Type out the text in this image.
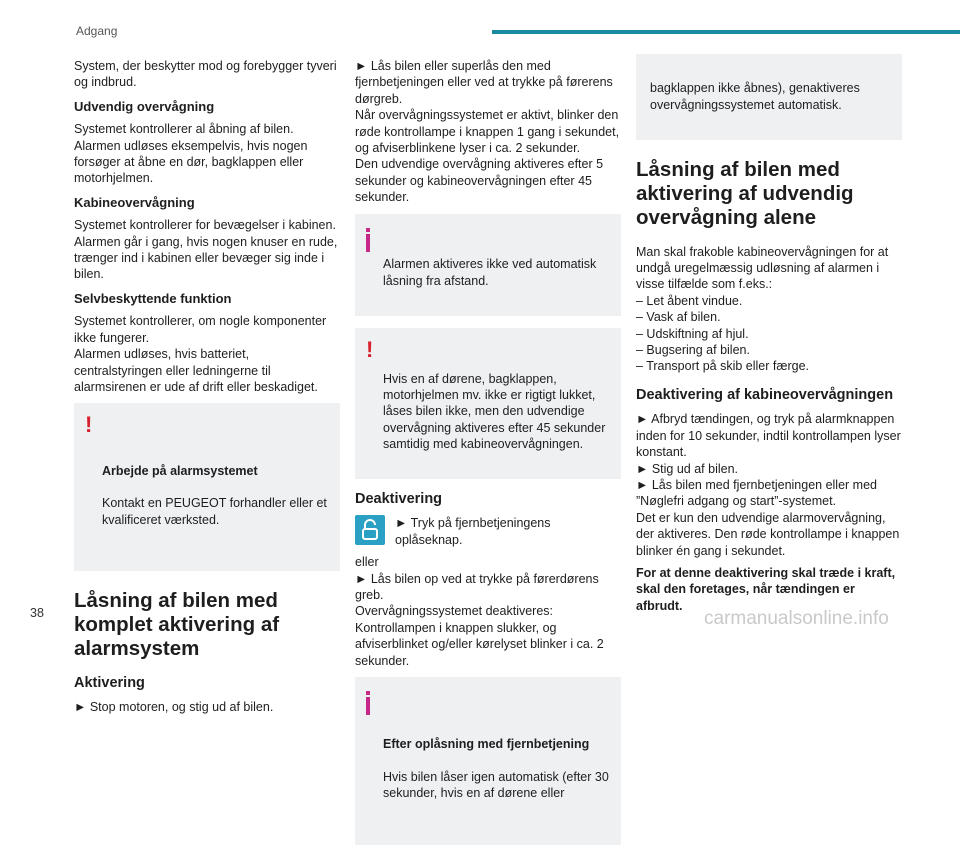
Adgang

System, der beskytter mod og forebygger tyveri og indbrud.

Udvendig overvågning

Systemet kontrollerer al åbning af bilen.
Alarmen udløses eksempelvis, hvis nogen forsøger at åbne en dør, bagklappen eller motorhjelmen.

Kabineovervågning

Systemet kontrollerer for bevægelser i kabinen.
Alarmen går i gang, hvis nogen knuser en rude, trænger ind i kabinen eller bevæger sig inde i bilen.

Selvbeskyttende funktion

Systemet kontrollerer, om nogle komponenter ikke fungerer.
Alarmen udløses, hvis batteriet, centralstyringen eller ledningerne til alarmsirenen er ude af drift eller beskadiget.

!

Arbejde på alarmsystemet

Kontakt en PEUGEOT forhandler eller et kvalificeret værksted.

Låsning af bilen med komplet aktivering af alarmsystem
Aktivering

► Stop motoren, og stig ud af bilen.

► Lås bilen eller superlås den med fjernbetjeningen eller ved at trykke på førerens dørgreb.
Når overvågningssystemet er aktivt, blinker den røde kontrollampe i knappen 1 gang i sekundet, og afviserblinkene lyser i ca. 2 sekunder.
Den udvendige overvågning aktiveres efter 5 sekunder og kabineovervågningen efter 45 sekunder.

Alarmen aktiveres ikke ved automatisk låsning fra afstand.

!

Hvis en af dørene, bagklappen, motorhjelmen mv. ikke er rigtigt lukket, låses bilen ikke, men den udvendige overvågning aktiveres efter 45 sekunder samtidig med kabineovervågningen.

Deaktivering
► Tryk på fjernbetjeningens oplåseknap.

eller
► Lås bilen op ved at trykke på førerdørens greb.
Overvågningssystemet deaktiveres:
Kontrollampen i knappen slukker, og afviserblinket og/eller kørelyset blinker i ca. 2 sekunder.

Efter oplåsning med fjernbetjening

Hvis bilen låser igen automatisk (efter 30 sekunder, hvis en af dørene eller

bagklappen ikke åbnes), genaktiveres overvågningssystemet automatisk.

Låsning af bilen med aktivering af udvendig overvågning alene

Man skal frakoble kabineovervågningen for at undgå uregelmæssig udløsning af alarmen i visse tilfælde som f.eks.:
– Let åbent vindue.
– Vask af bilen.
– Udskiftning af hjul.
– Bugsering af bilen.
– Transport på skib eller færge.

Deaktivering af kabineovervågningen

► Afbryd tændingen, og tryk på alarmknappen inden for 10 sekunder, indtil kontrollampen lyser konstant.
► Stig ud af bilen.
► Lås bilen med fjernbetjeningen eller med ”Nøglefri adgang og start”-systemet.
Det er kun den udvendige alarmovervågning, der aktiveres. Den røde kontrollampe i knappen blinker én gang i sekundet.

For at denne deaktivering skal træde i kraft, skal den foretages, når tændingen er afbrudt.

38	carmanualsonline.info
